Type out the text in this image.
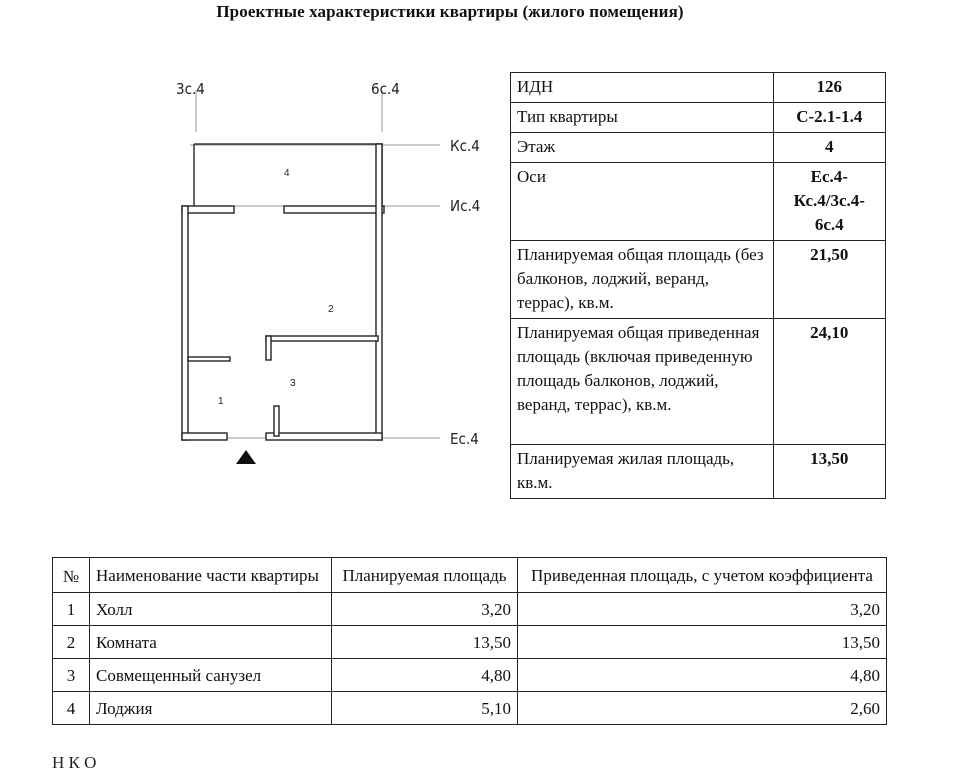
Проектные характеристики квартиры (жилого помещения)
3с.4	6с.4
Кс.4
Ис.4
Ес.4
1
2
3
4
ИДН	126
Тип квартиры	С-2.1-1.4
Этаж	4
Оси	Ес.4-Кс.4/3с.4-6с.4
Планируемая общая площадь (без балконов, лоджий, веранд, террас), кв.м.	21,50
Планируемая общая приведенная площадь (включая приведенную площадь балконов, лоджий, веранд, террас), кв.м.	24,10
Планируемая жилая площадь, кв.м.	13,50
№	Наименование части квартиры	Планируемая площадь	Приведенная площадь, с учетом коэффициента
1	Холл	3,20	3,20
2	Комната	13,50	13,50
3	Совмещенный санузел	4,80	4,80
4	Лоджия	5,10	2,60
Н К О
